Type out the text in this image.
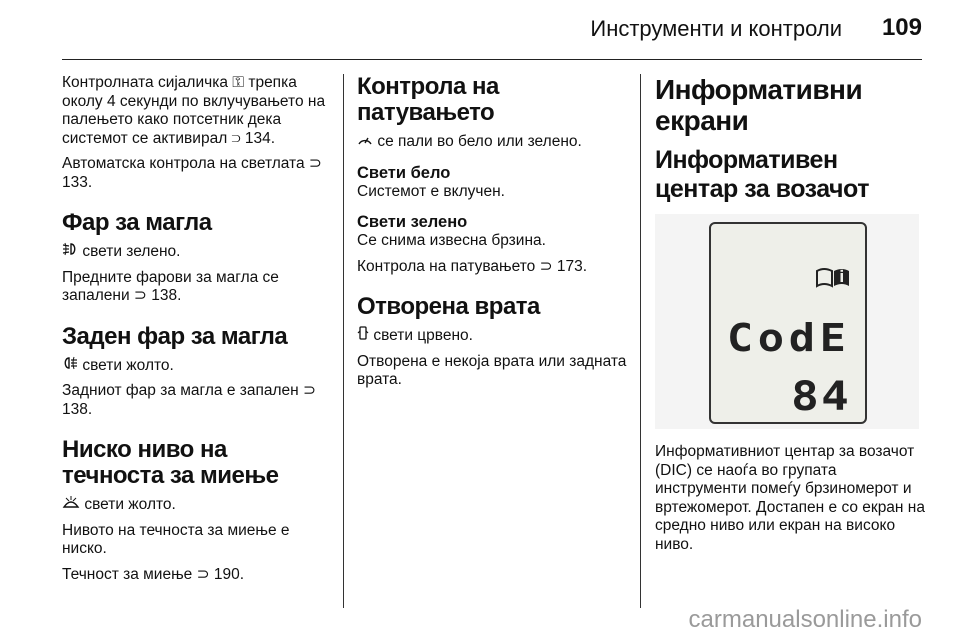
Инструменти и контроли 109

Контролната сијаличка ⚿ трепка околу 4 секунди по вклучувањето на палењето како потсетник дека системот се активирал ⊃ 134.

Автоматска контрола на светлата ⊃ 133.

Фар за магла

свети зелено.

Предните фарови за магла се запалени ⊃ 138.

Заден фар за магла

свети жолто.

Задниот фар за магла е запален ⊃ 138.

Ниско ниво на течноста за миење

свети жолто.

Нивото на течноста за миење е ниско.

Течност за миење ⊃ 190.

Контрола на патувањето

се пали во бело или зелено.

Свети бело

Системот е вклучен.

Свети зелено

Се снима извесна брзина.

Контрола на патувањето ⊃ 173.

Отворена врата

свети црвено.

Отворена е некоја врата или задната врата.

Информативни екрани
Информативен центар за возачот
CodE
84

Информативниот центар за возачот (DIC) се наоѓа во групата инструменти помеѓу брзиномерот и вртежомерот. Достапен е со екран на средно ниво или екран на високо ниво.

carmanualsonline.info
